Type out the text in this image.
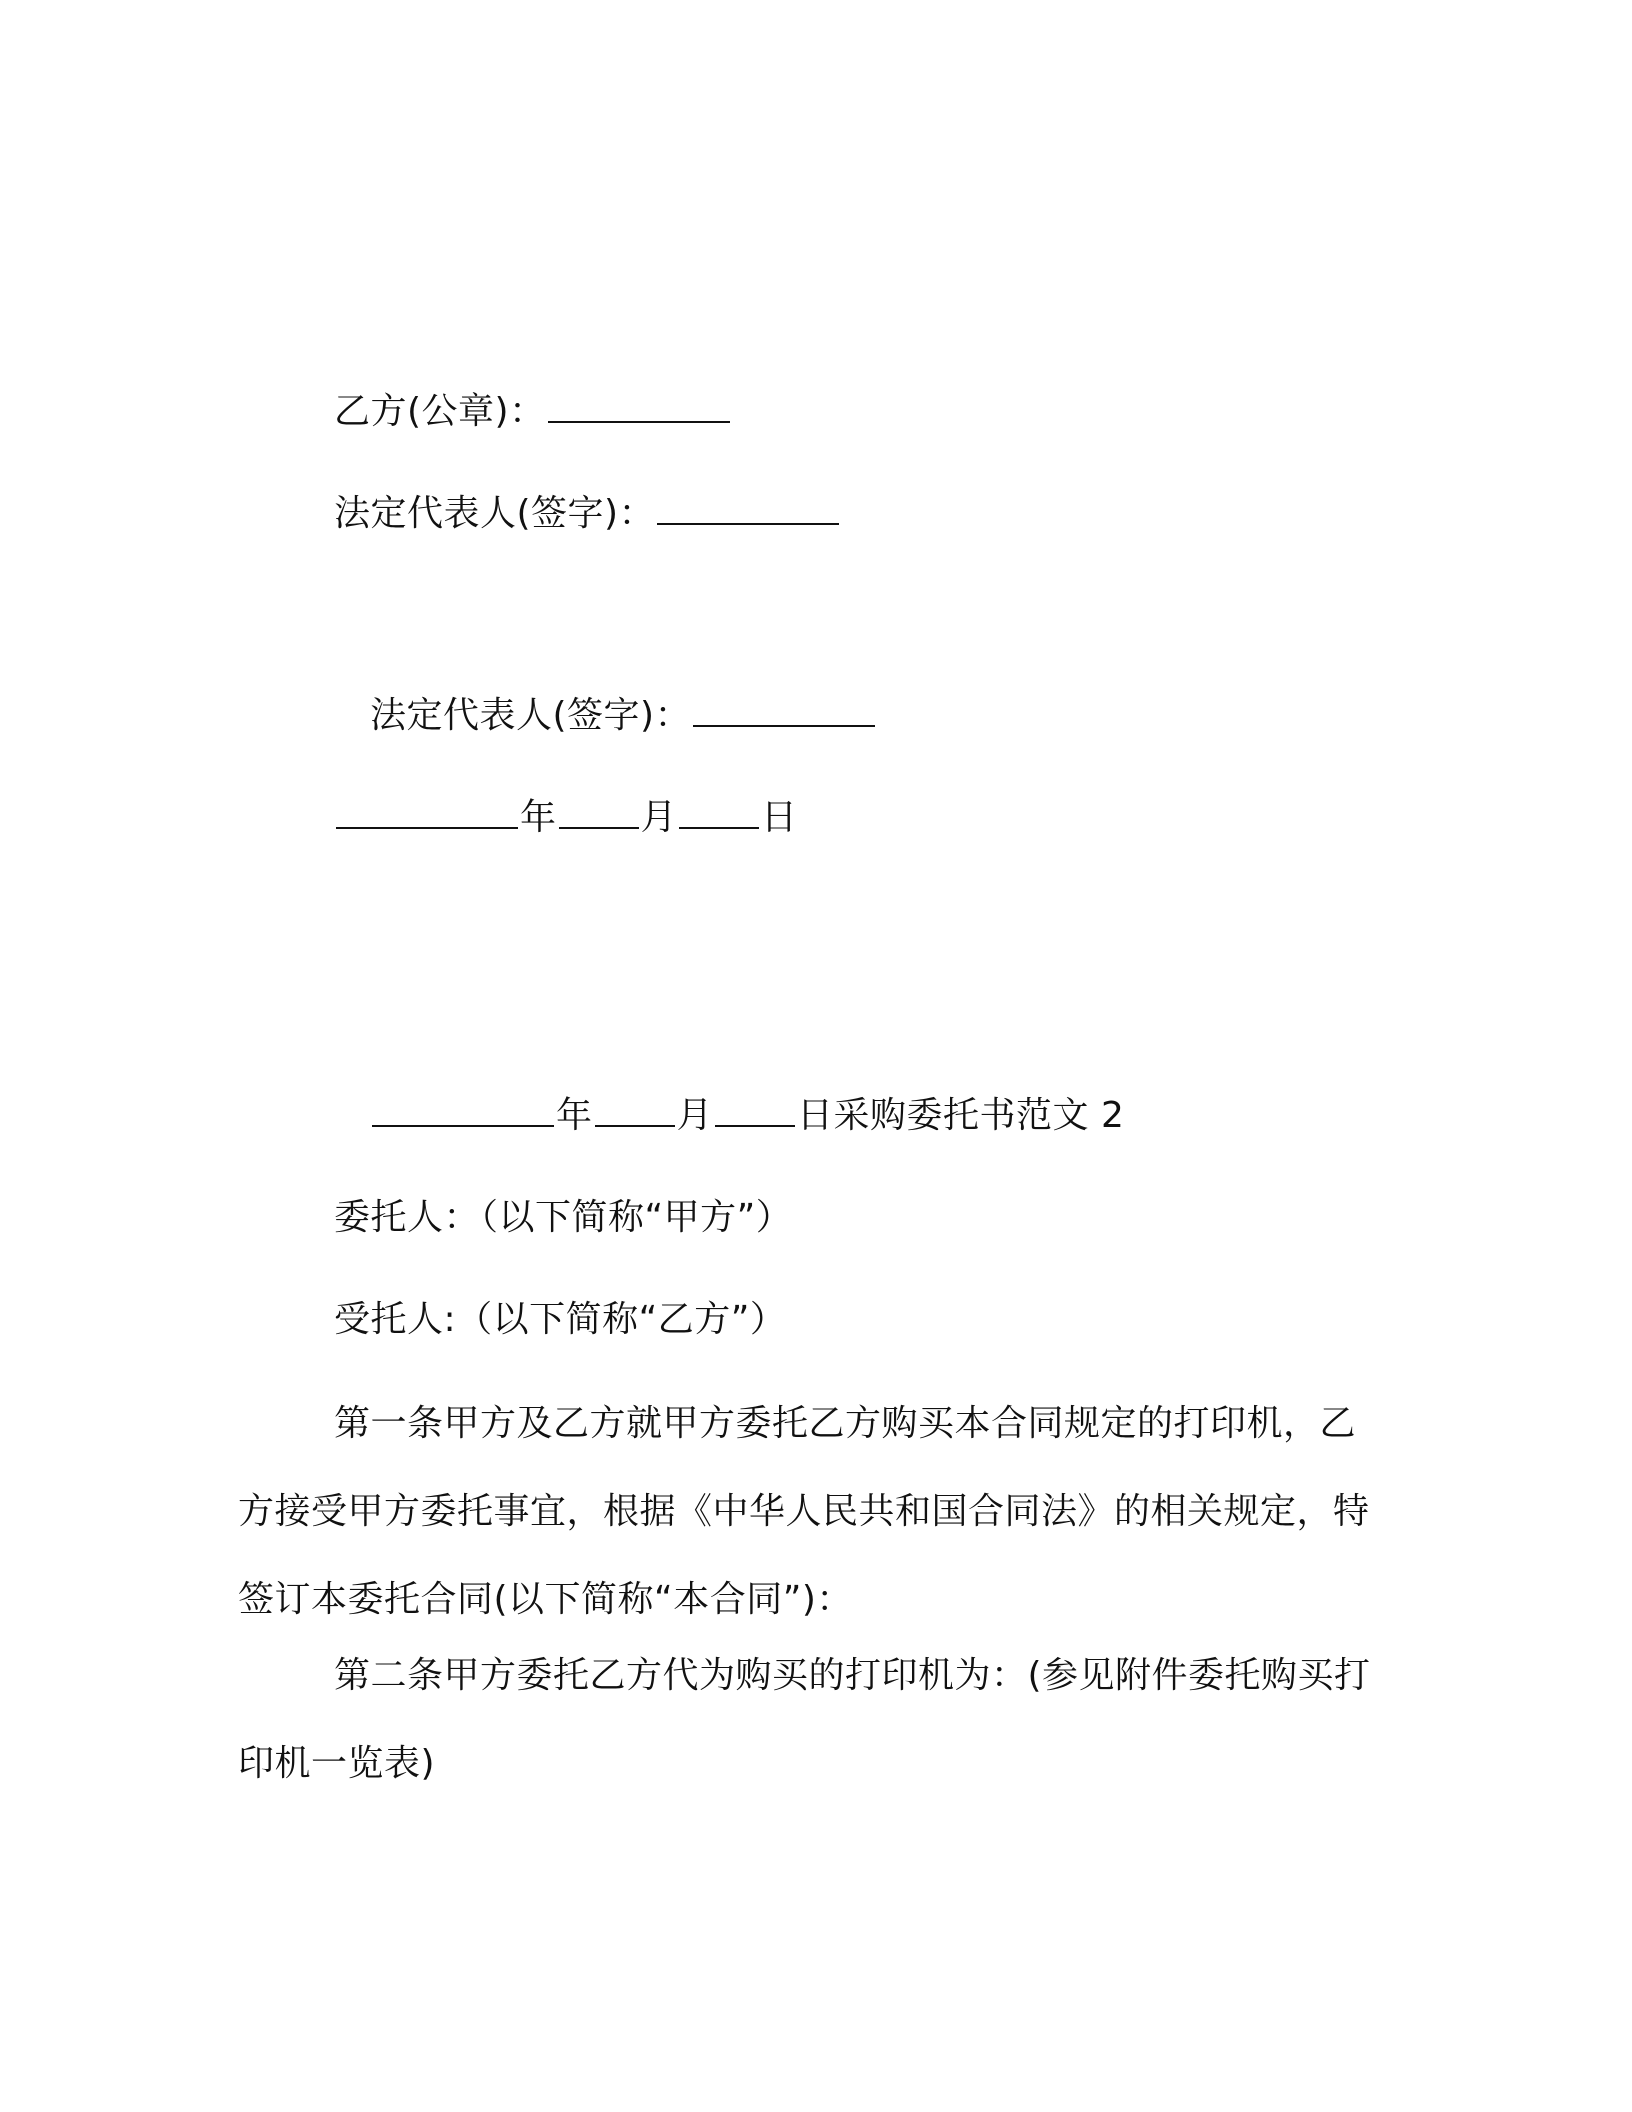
乙方(公章)：
法定代表人(签字)：
法定代表人(签字)：
年 月 日
年 月 日采购委托书范文 2
委托人：（以下简称“甲方”）
受托人:（以下简称“乙方”）
第一条甲方及乙方就甲方委托乙方购买本合同规定的打印机，乙方接受甲方委托事宜，根据《中华人民共和国合同法》的相关规定，特签订本委托合同(以下简称“本合同”)：
第二条甲方委托乙方代为购买的打印机为：(参见附件委托购买打印机一览表)
